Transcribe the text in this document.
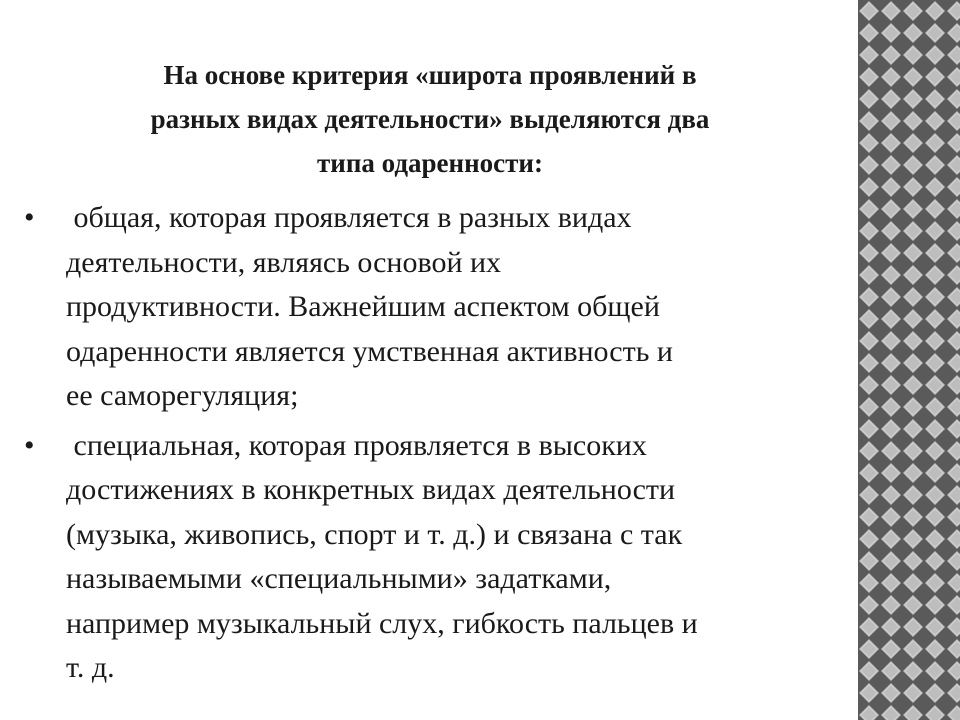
На основе критерия «широта проявлений в
разных видах деятельности» выделяются два
типа одаренности:
• общая, которая проявляется в разных видах
деятельности, являясь основой их
продуктивности. Важнейшим аспектом общей
одаренности является умственная активность и
ее саморегуляция;
• специальная, которая проявляется в высоких
достижениях в конкретных видах деятельности
(музыка, живопись, спорт и т. д.) и связана с так
называемыми «специальными» задатками,
например музыкальный слух, гибкость пальцев и
т. д.
